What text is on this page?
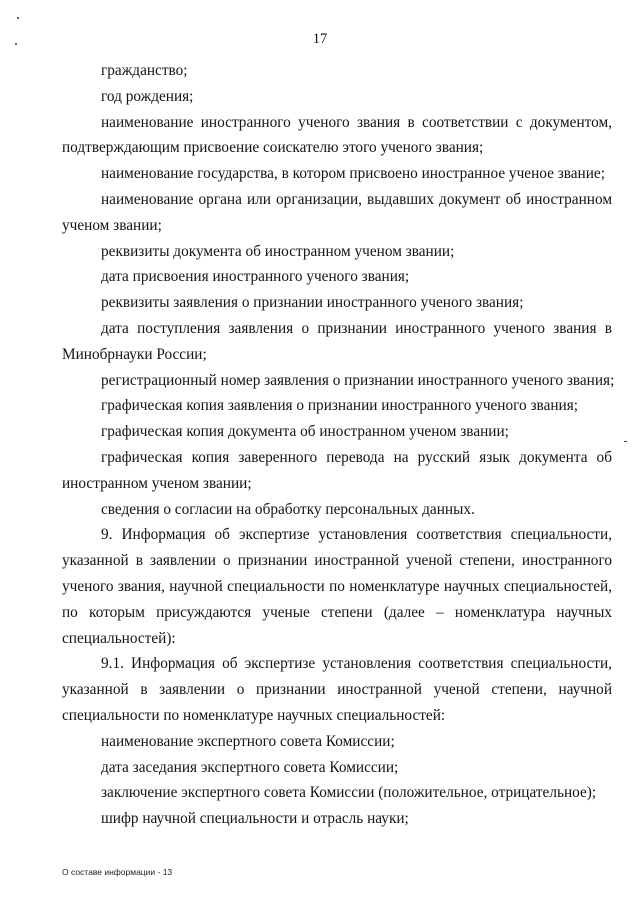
17

гражданство;

год рождения;

наименование иностранного ученого звания в соответствии с документом, подтверждающим присвоение соискателю этого ученого звания;

наименование государства, в котором присвоено иностранное ученое звание;

наименование органа или организации, выдавших документ об иностранном ученом звании;

реквизиты документа об иностранном ученом звании;

дата присвоения иностранного ученого звания;

реквизиты заявления о признании иностранного ученого звания;

дата поступления заявления о признании иностранного ученого звания в Минобрнауки России;

регистрационный номер заявления о признании иностранного ученого звания;

графическая копия заявления о признании иностранного ученого звания;

графическая копия документа об иностранном ученом звании;

графическая копия заверенного перевода на русский язык документа об иностранном ученом звании;

сведения о согласии на обработку персональных данных.

9. Информация об экспертизе установления соответствия специальности, указанной в заявлении о признании иностранной ученой степени, иностранного ученого звания, научной специальности по номенклатуре научных специальностей, по которым присуждаются ученые степени (далее – номенклатура научных специальностей):

9.1. Информация об экспертизе установления соответствия специальности, указанной в заявлении о признании иностранной ученой степени, научной специальности по номенклатуре научных специальностей:

наименование экспертного совета Комиссии;

дата заседания экспертного совета Комиссии;

заключение экспертного совета Комиссии (положительное, отрицательное);

шифр научной специальности и отрасль науки;

О составе информации - 13
